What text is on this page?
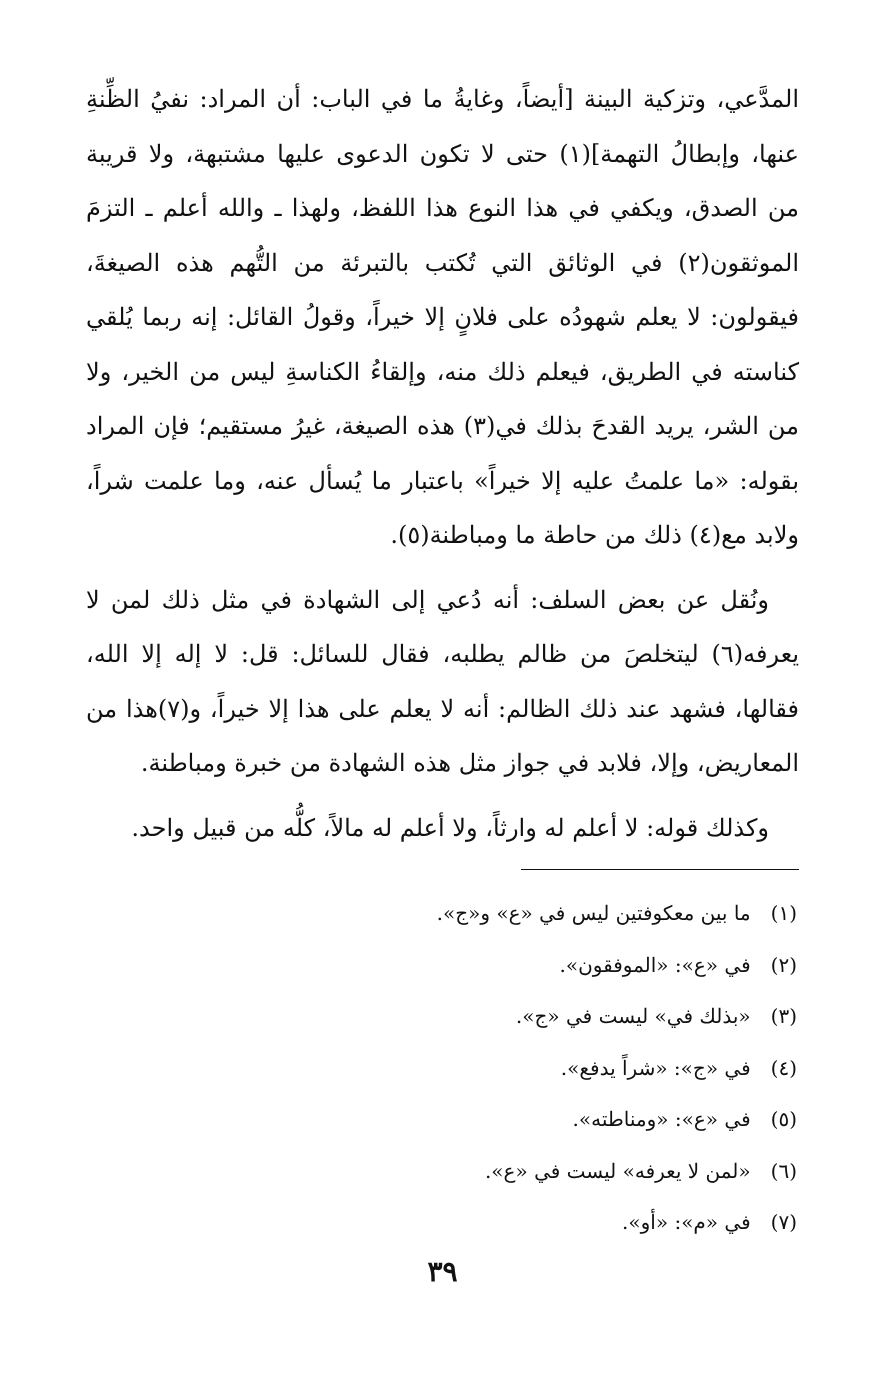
المدَّعي، وتزكية البينة [أيضاً، وغايةُ ما في الباب: أن المراد: نفيُ الظِّنةِ عنها، وإبطالُ التهمة](١) حتى لا تكون الدعوى عليها مشتبهة، ولا قريبة من الصدق، ويكفي في هذا النوع هذا اللفظ، ولهذا ـ والله أعلم ـ التزمَ الموثقون(٢) في الوثائق التي تُكتب بالتبرئة من التُّهم هذه الصيغةَ، فيقولون: لا يعلم شهودُه على فلانٍ إلا خيراً، وقولُ القائل: إنه ربما يُلقي كناسته في الطريق، فيعلم ذلك منه، وإلقاءُ الكناسةِ ليس من الخير، ولا من الشر، يريد القدحَ بذلك في(٣) هذه الصيغة، غيرُ مستقيم؛ فإن المراد بقوله: «ما علمتُ عليه إلا خيراً» باعتبار ما يُسأل عنه، وما علمت شراً، ولابد مع(٤) ذلك من حاطة ما ومباطنة(٥).

ونُقل عن بعض السلف: أنه دُعي إلى الشهادة في مثل ذلك لمن لا يعرفه(٦) ليتخلصَ من ظالم يطلبه، فقال للسائل: قل: لا إله إلا الله، فقالها، فشهد عند ذلك الظالم: أنه لا يعلم على هذا إلا خيراً، و(٧)هذا من المعاريض، وإلا، فلابد في جواز مثل هذه الشهادة من خبرة ومباطنة.

وكذلك قوله: لا أعلم له وارثاً، ولا أعلم له مالاً، كلُّه من قبيل واحد.

(١) ما بين معكوفتين ليس في «ع» و«ج».
(٢) في «ع»: «الموفقون».
(٣) «بذلك في» ليست في «ج».
(٤) في «ج»: «شراً يدفع».
(٥) في «ع»: «ومناطته».
(٦) «لمن لا يعرفه» ليست في «ع».
(٧) في «م»: «أو».
٣٩
